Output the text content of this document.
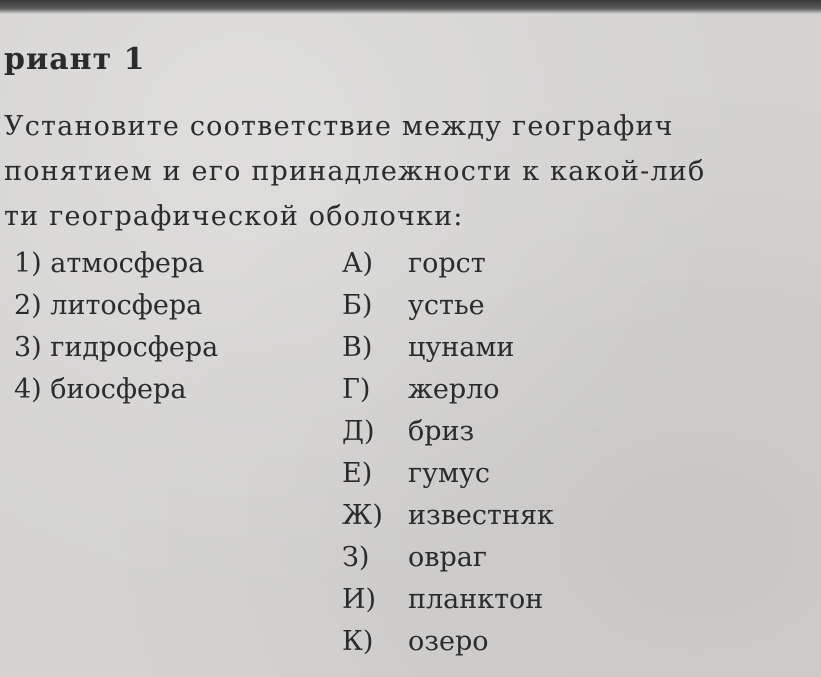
риант 1
Установите соответствие между географич
понятием и его принадлежности к какой-либ
ти географической оболочки:
1) атмосфера
2) литосфера
3) гидросфера
4) биосфера
А) горст
Б) устье
В) цунами
Г) жерло
Д) бриз
Е) гумус
Ж) известняк
З) овраг
И) планктон
К) озеро
